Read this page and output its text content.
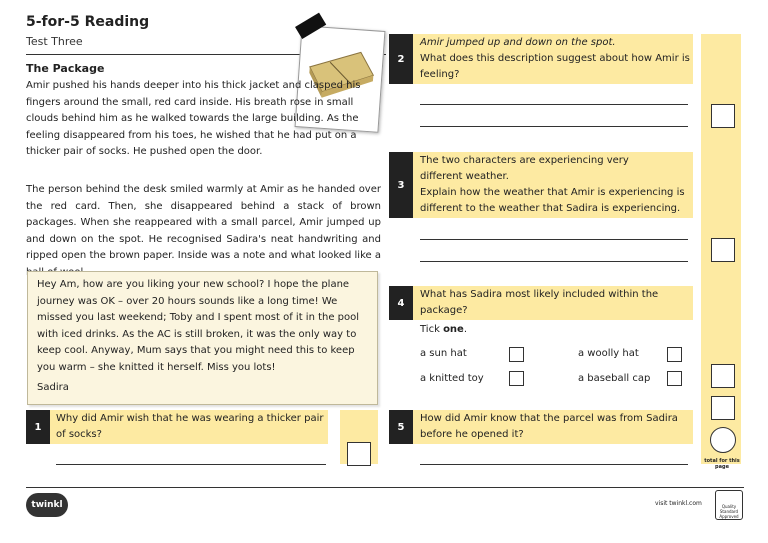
5-for-5 Reading
Test Three
The Package
Amir pushed his hands deeper into his thick jacket and clasped his fingers around the small, red card inside. His breath rose in small clouds behind him as he walked towards the large building. As the feeling disappeared from his toes, he wished that he had put on a thicker pair of socks. He pushed open the door.
The person behind the desk smiled warmly at Amir as he handed over the red card. Then, she disappeared behind a stack of brown packages. When she reappeared with a small parcel, Amir jumped up and down on the spot. He recognised Sadira's neat handwriting and ripped open the brown paper. Inside was a note and what looked like a
Hey Am, how are you liking your new school? I hope the plane journey was OK – over 20 hours sounds like a long time! We missed you last weekend; Toby and I spent most of it in the pool with iced drinks. As the AC is still broken, it was the only way to keep cool. Anyway, Mum says that you might need this to keep you warm – she knitted it herself. Miss you lots!
Sadira
1
Why did Amir wish that he was wearing a thicker pair of socks?
2
Amir jumped up and down on the spot.
What does this description suggest about how Amir is feeling?
3
The two characters are experiencing very different weather.
Explain how the weather that Amir is experiencing is different to the weather that Sadira is experiencing.
4
What has Sadira most likely included within the package?
Tick one.
a sun hat	a woolly hat
a knitted toy	a baseball cap
5
How did Amir know that the parcel was from Sadira before he opened it?
total for this page
twinkl	visit twinkl.com	Quality Standard Approved
